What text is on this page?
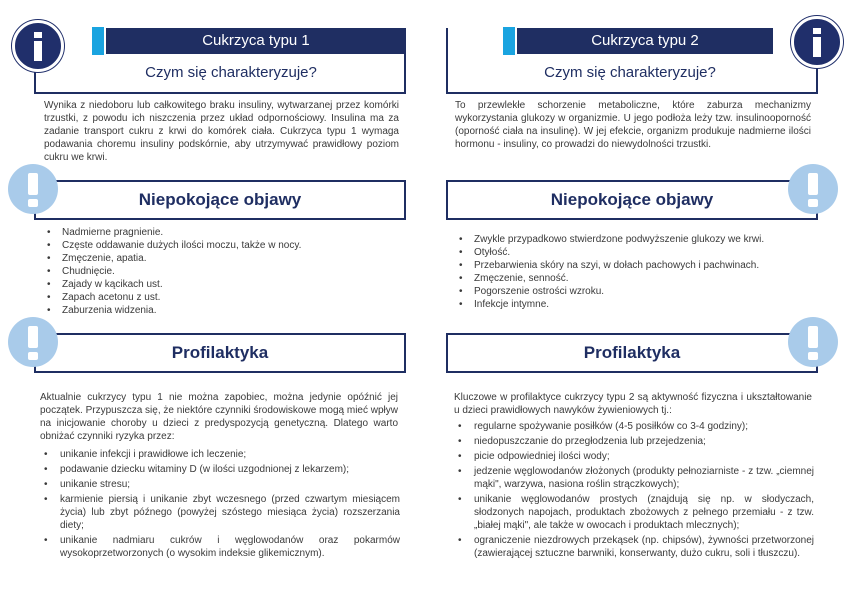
Cukrzyca typu 1
Czym się charakteryzuje?
Wynika z niedoboru lub całkowitego braku insuliny, wytwarzanej przez komórki trzustki, z powodu ich niszczenia przez układ odpornościowy. Insulina ma za zadanie transport cukru z krwi do komórek ciała. Cukrzyca typu 1 wymaga podawania choremu insuliny podskórnie, aby utrzymywać prawidłowy poziom cukru we krwi.
Niepokojące objawy
• Nadmierne pragnienie.
• Częste oddawanie dużych ilości moczu, także w nocy.
• Zmęczenie, apatia.
• Chudnięcie.
• Zajady w kącikach ust.
• Zapach acetonu z ust.
• Zaburzenia widzenia.
Profilaktyka
Aktualnie cukrzycy typu 1 nie można zapobiec, można jedynie opóźnić jej początek. Przypuszcza się, że niektóre czynniki środowiskowe mogą mieć wpływ na inicjowanie choroby u dzieci z predyspozycją genetyczną. Dlatego warto obniżać czynniki ryzyka przez:
• unikanie infekcji i prawidłowe ich leczenie;
• podawanie dziecku witaminy D (w ilości uzgodnionej z lekarzem);
• unikanie stresu;
• karmienie piersią i unikanie zbyt wczesnego (przed czwartym miesiącem życia) lub zbyt późnego (powyżej szóstego miesiąca życia) rozszerzania diety;
• unikanie nadmiaru cukrów i węglowodanów oraz pokarmów wysokoprzetworzonych (o wysokim indeksie glikemicznym).
Cukrzyca typu 2
Czym się charakteryzuje?
To przewlekłe schorzenie metaboliczne, które zaburza mechanizmy wykorzystania glukozy w organizmie. U jego podłoża leży tzw. insulinooporność (oporność ciała na insulinę). W jej efekcie, organizm produkuje nadmierne ilości hormonu - insuliny, co prowadzi do niewydolności trzustki.
Niepokojące objawy
• Zwykle przypadkowo stwierdzone podwyższenie glukozy we krwi.
• Otyłość.
• Przebarwienia skóry na szyi, w dołach pachowych i pachwinach.
• Zmęczenie, senność.
• Pogorszenie ostrości wzroku.
• Infekcje intymne.
Profilaktyka
Kluczowe w profilaktyce cukrzycy typu 2 są aktywność fizyczna i ukształtowanie u dzieci prawidłowych nawyków żywieniowych tj.:
• regularne spożywanie posiłków (4-5 posiłków co 3-4 godziny);
• niedopuszczanie do przegłodzenia lub przejedzenia;
• picie odpowiedniej ilości wody;
• jedzenie węglowodanów złożonych (produkty pełnoziarniste - z tzw. „ciemnej mąki", warzywa, nasiona roślin strączkowych);
• unikanie węglowodanów prostych (znajdują się np. w słodyczach, słodzonych napojach, produktach zbożowych z pełnego przemiału - z tzw. „białej mąki", ale także w owocach i produktach mlecznych);
• ograniczenie niezdrowych przekąsek (np. chipsów), żywności przetworzonej (zawierającej sztuczne barwniki, konserwanty, dużo cukru, soli i tłuszczu).
